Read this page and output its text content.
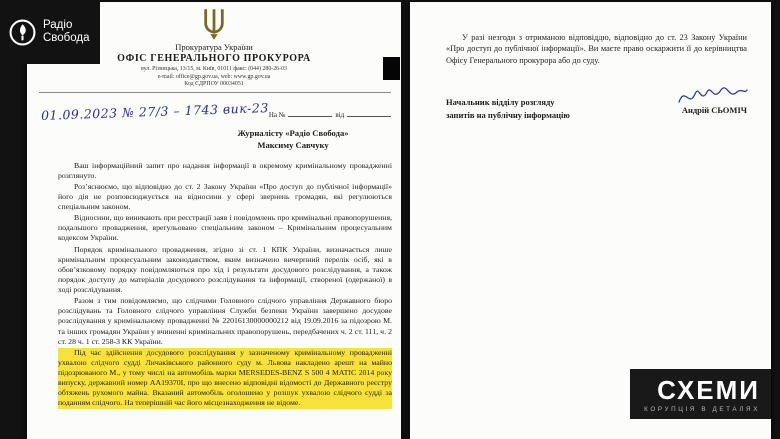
Прокуратура України
ОФІС ГЕНЕРАЛЬНОГО ПРОКУРОРА
вул. Різницька, 13/15, м. Київ, 01011 факс: (044) 280-26-03
e-mail: office@gp.gov.ua, web: www.gp.gov.ua
Код ЄДРПОУ 00034051
01.09.2023 № 27/3 – 1743 вик-23 На №	від
Журналісту «Радіо Свобода»
Максиму Савчуку

Ваш інформаційний запит про надання інформації в окремому кримінальному провадженні розглянуто.

Роз’яснюємо, що відповідно до ст. 2 Закону України «Про доступ до публічної інформації» його дія не розповсюджується на відносини у сфері звернень громадян, які регулюються спеціальним законом.

Відносини, що виникають при реєстрації заяв і повідомлень про кримінальні правопорушення, подальшого провадження, врегульовано спеціальним законом – Кримінальним процесуальним кодексом України.

Порядок кримінального провадження, згідно зі ст. 1 КПК України, визначається лише кримінальним процесуальним законодавством, яким визначено вичерпний перелік осіб, які в обов’язковому порядку повідомляються про хід і результати досудового розслідування, а також порядок доступу до матеріалів досудового розслідування та інформації, створеної (одержаної) в ході розслідування.

Разом з тим повідомляємо, що слідчими Головного слідчого управління Державного бюро розслідувань та Головного слідчого управління Служби безпеки України завершено досудове розслідування у кримінальному провадженні № 22016130000000212 від 19.09.2016 за підозрою М. та інших громадян України у вчиненні кримінальних правопорушень, передбачених ч. 2 ст. 111, ч. 2 ст. 28 ч. 1 ст. 258-3 КК України.

Під час здійснення досудового розслідування у зазначеному кримінальному провадженні ухвалою слідчого судді Личаківського районного суду м. Львова накладено арешт на майно підозрюваного М., у тому числі на автомобіль марки MERSEDES-BENZ S 500 4 MATIC 2014 року випуску, державний номер АА19370І, про що внесено відповідні відомості до Державного реєстру обтяжень рухомого майна. Вказаний автомобіль оголошено у розшук ухвалою слідчого судді за поданням слідчого. На теперішній час його місцезнаходження не відоме.

У разі незгоди з отриманою відповіддю, відповідно до ст. 23 Закону України «Про доступ до публічної інформації». Ви маєте право оскаржити її до керівництва Офісу Генерального прокурора або до суду.

Начальник відділу розгляду
запитів на публічну інформацію	Андрій СЬОМІЧ
Радіо
Свобода
СХЕМИ
КОРУПЦІЯ В ДЕТАЛЯХ
